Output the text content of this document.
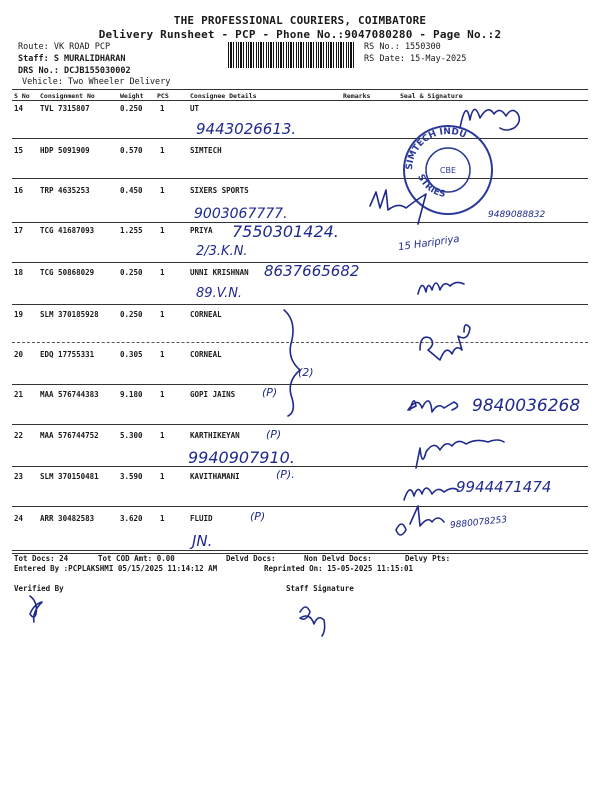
THE PROFESSIONAL COURIERS, COIMBATORE
Delivery Runsheet - PCP - Phone No.:9047080280 - Page No.:2
Route: VK ROAD PCP
Staff: S MURALIDHARAN
DRS No.: DCJB155030002
Vehicle: Two Wheeler Delivery
RS No.: 1550300
RS Date: 15-May-2025
S No Consignment No	Weight PCS	Consignee Details	Remarks	Seal & Signature
14 TVL 7315807	0.250 1	UT
9443026613.
15 HDP 5091909	0.570 1	SIMTECH
16 TRP 4635253	0.450 1	SIXERS SPORTS
9003067777.	9489088832
17 TCG 41687093	1.255 1	PRIYA 7550301424.
2/3.K.N.	15 Haripriya
18 TCG 50868029	0.250 1	UNNI KRISHNAN 8637665682
89.V.N.
19 SLM 370185928	0.250 1	CORNEAL
20 EDQ 17755331	0.305 1	CORNEAL
(2)
21 MAA 576744383	9.180 1	GOPI JAINS (P)
9840036268
22 MAA 576744752	5.300 1	KARTHIKEYAN (P)
9940907910.
23 SLM 370150481	3.590 1	KAVITHAMANI	(P).
9944471474
24 ARR 30482583	3.620 1	FLUID	(P)
JN.
9880078253
SIMTECH INDU
STRIES
CBE
Tot Docs: 24	Tot COD Amt: 0.00	Delvd Docs:	Non Delvd Docs:	Delvy Pts:
Entered By :PCPLAKSHMI 05/15/2025 11:14:12 AM	Reprinted On: 15-05-2025 11:15:01
Verified By	Staff Signature
